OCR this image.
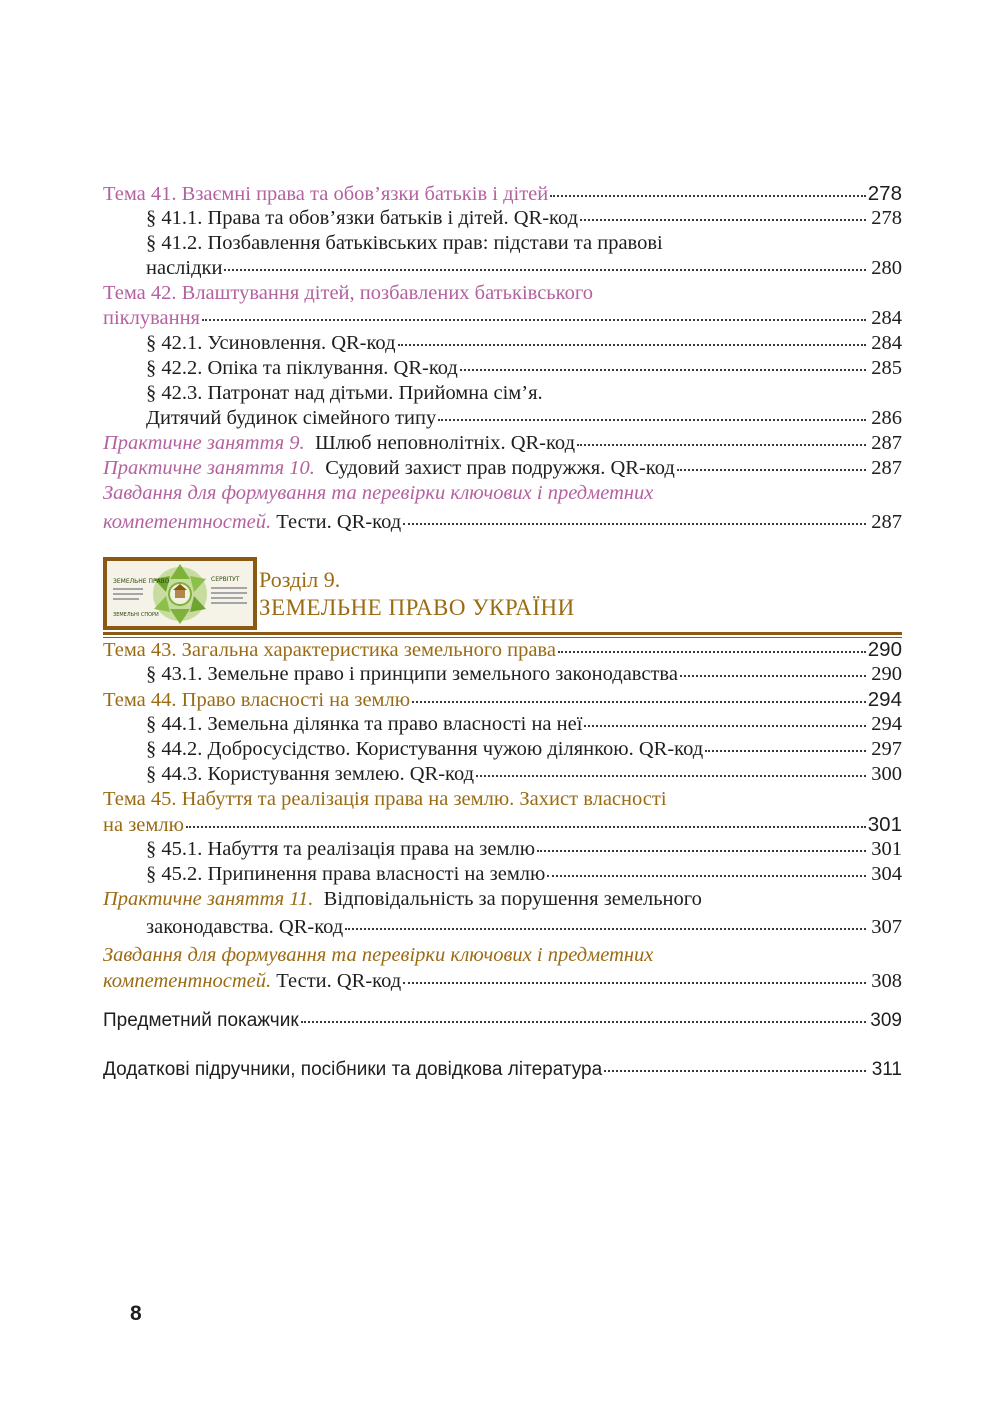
Тема 41. Взаємні права та обов’язки батьків і дітей	278
§ 41.1. Права та обов’язки батьків і дітей. QR-код	278
§ 41.2. Позбавлення батьківських прав: підстави та правові
наслідки	280
Тема 42. Влаштування дітей, позбавлених батьківського
піклування	284
§ 42.1. Усиновлення. QR-код	284
§ 42.2. Опіка та піклування. QR-код	285
§ 42.3. Патронат над дітьми. Прийомна сім’я.
Дитячий будинок сімейного типу	286
Практичне заняття 9. Шлюб неповнолітніх. QR-код	287
Практичне заняття 10. Судовий захист прав подружжя. QR-код	287
Завдання для формування та перевірки ключових і предметних
компетентностей. Тести. QR-код	287
ЗЕМЕЛЬНЕ ПРАВО	СЕРВІТУТ
ЗЕМЕЛЬНІ СПОРИ
Розділ 9.
ЗЕМЕЛЬНЕ ПРАВО УКРАЇНИ
Тема 43. Загальна характеристика земельного права	290
§ 43.1. Земельне право і принципи земельного законодавства	290
Тема 44. Право власності на землю	294
§ 44.1. Земельна ділянка та право власності на неї	294
§ 44.2. Добросусідство. Користування чужою ділянкою. QR-код	297
§ 44.3. Користування землею. QR-код	300
Тема 45. Набуття та реалізація права на землю. Захист власності
на землю	301
§ 45.1. Набуття та реалізація права на землю	301
§ 45.2. Припинення права власності на землю	304
Практичне заняття 11. Відповідальність за порушення земельного
законодавства. QR-код	307
Завдання для формування та перевірки ключових і предметних
компетентностей. Тести. QR-код	308
Предметний покажчик	309
Додаткові підручники, посібники та довідкова література	311
8
